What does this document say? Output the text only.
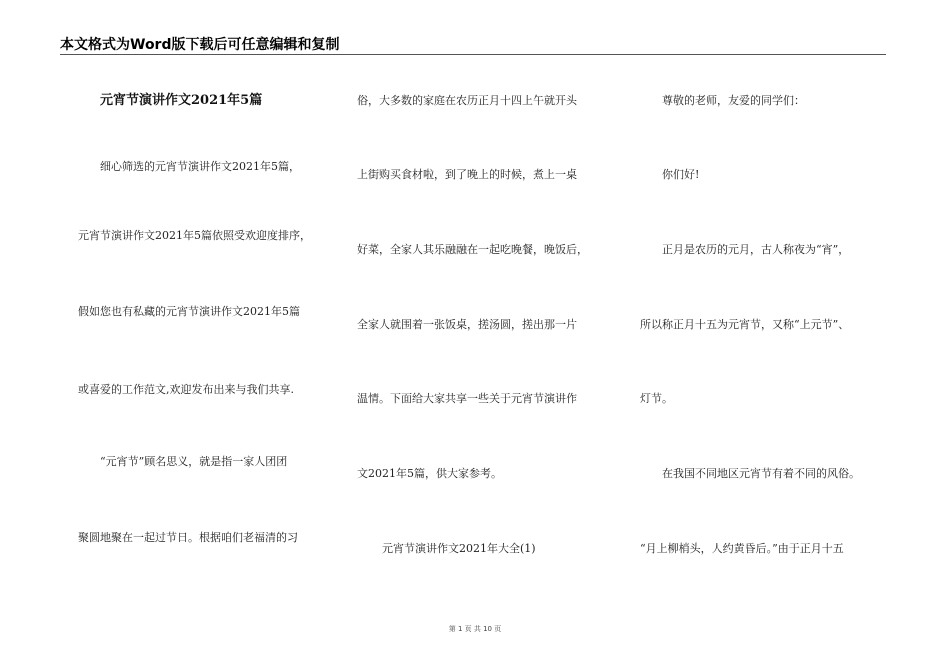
本文格式为Word版下载后可任意编辑和复制
元宵节演讲作文2021年5篇
细心筛选的元宵节演讲作文2021年5篇，
元宵节演讲作文2021年5篇依照受欢迎度排序，
假如您也有私藏的元宵节演讲作文2021年5篇
或喜爱的工作范文,欢迎发布出来与我们共享.
“元宵节”顾名思义，就是指一家人团团
聚圆地聚在一起过节日。根据咱们老福清的习
俗，大多数的家庭在农历正月十四上午就开头
上街购买食材啦，到了晚上的时候，煮上一桌
好菜，全家人其乐融融在一起吃晚餐，晚饭后，
全家人就围着一张饭桌，搓汤圆，搓出那一片
温情。下面给大家共享一些关于元宵节演讲作
文2021年5篇，供大家参考。
元宵节演讲作文2021年大全(1)
尊敬的老师，友爱的同学们：
你们好!
正月是农历的元月，古人称夜为“宵”，
所以称正月十五为元宵节，又称“上元节”、
灯节。
在我国不同地区元宵节有着不同的风俗。
“月上柳梢头，人约黄昏后。”由于正月十五
第 1 页 共 10 页
